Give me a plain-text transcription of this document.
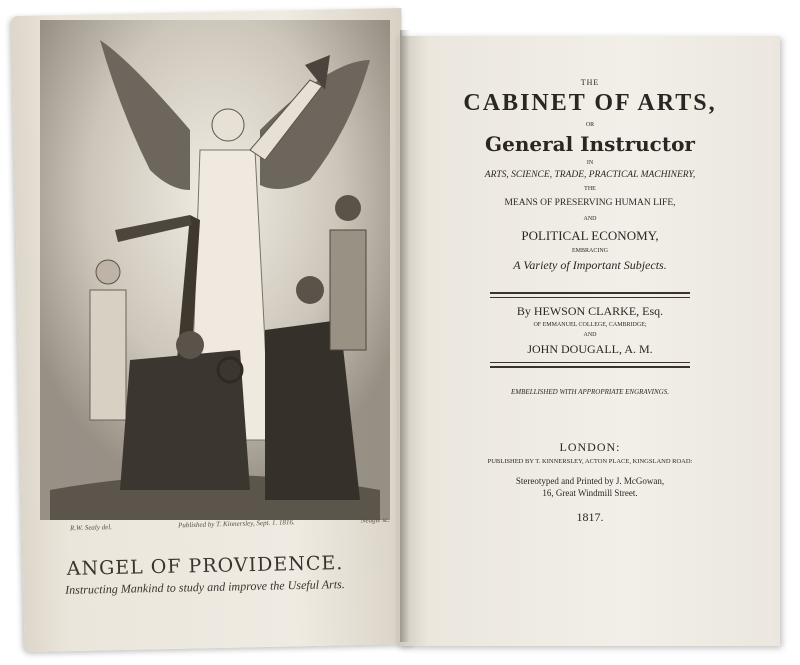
R.W. Sealy del.	Published by T. Kinnersley, Sept. 1. 1816.	Neagle sc.
ANGEL OF PROVIDENCE.
Instructing Mankind to study and improve the Useful Arts.
THE
CABINET OF ARTS,
OR
General Instructor
IN
ARTS, SCIENCE, TRADE, PRACTICAL MACHINERY,
THE
MEANS OF PRESERVING HUMAN LIFE,
AND
POLITICAL ECONOMY,
EMBRACING
A Variety of Important Subjects.
By HEWSON CLARKE, Esq.
OF EMMANUEL COLLEGE, CAMBRIDGE;
AND
JOHN DOUGALL, A. M.
EMBELLISHED WITH APPROPRIATE ENGRAVINGS.
LONDON:
PUBLISHED BY T. KINNERSLEY, ACTON PLACE, KINGSLAND ROAD:
Stereotyped and Printed by J. McGowan,
16, Great Windmill Street.
1817.
